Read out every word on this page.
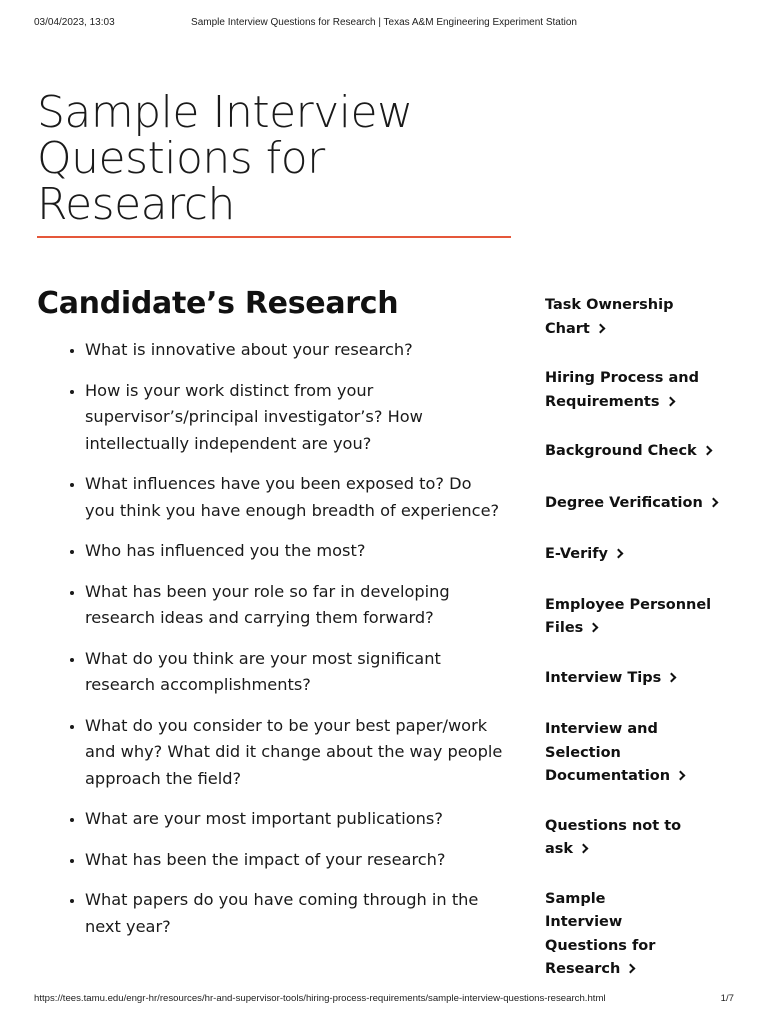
03/04/2023, 13:03	Sample Interview Questions for Research | Texas A&M Engineering Experiment Station
Sample Interview Questions for Research
Candidate’s Research
• What is innovative about your research?
• How is your work distinct from your supervisor’s/principal investigator’s? How intellectually independent are you?
• What influences have you been exposed to? Do you think you have enough breadth of experience?
• Who has influenced you the most?
• What has been your role so far in developing research ideas and carrying them forward?
• What do you think are your most significant research accomplishments?
• What do you consider to be your best paper/work and why? What did it change about the way people approach the field?
• What are your most important publications?
• What has been the impact of your research?
• What papers do you have coming through in the next year?
Task Ownership Chart
Hiring Process and Requirements
Background Check
Degree Verification
E-Verify
Employee Personnel Files
Interview Tips
Interview and Selection Documentation
Questions not to ask
Sample Interview Questions for Research
https://tees.tamu.edu/engr-hr/resources/hr-and-supervisor-tools/hiring-process-requirements/sample-interview-questions-research.html	1/7
